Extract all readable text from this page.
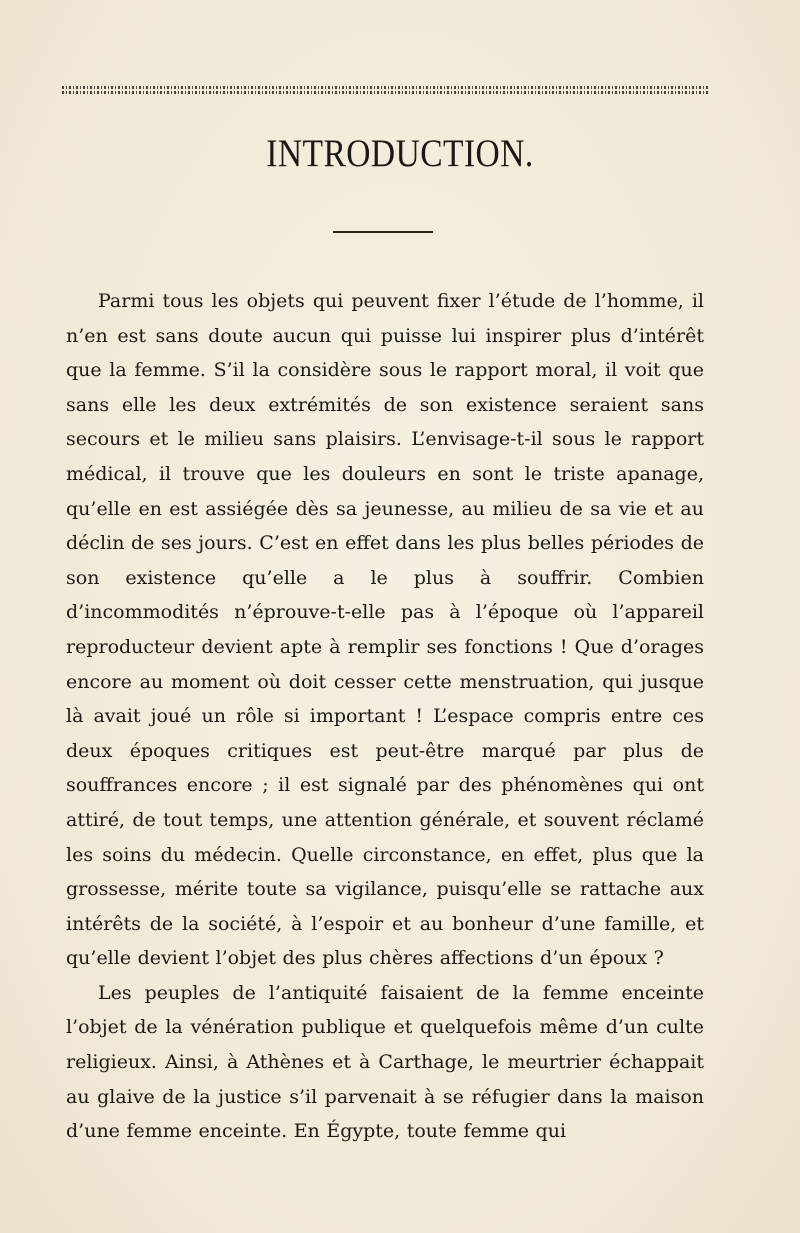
INTRODUCTION.

Parmi tous les objets qui peuvent fixer l’étude de l’homme, il n’en est sans doute aucun qui puisse lui inspirer plus d’intérêt que la femme. S’il la considère sous le rapport moral, il voit que sans elle les deux extrémités de son existence seraient sans secours et le milieu sans plaisirs. L’envisage-t-il sous le rapport médical, il trouve que les douleurs en sont le triste apanage, qu’elle en est assiégée dès sa jeunesse, au milieu de sa vie et au déclin de ses jours. C’est en effet dans les plus belles périodes de son existence qu’elle a le plus à souffrir. Combien d’incommodités n’éprouve-t-elle pas à l’époque où l’appareil reproducteur devient apte à remplir ses fonctions ! Que d’orages encore au moment où doit cesser cette menstruation, qui jusque là avait joué un rôle si important ! L’espace compris entre ces deux époques critiques est peut-être marqué par plus de souffrances encore ; il est signalé par des phénomènes qui ont attiré, de tout temps, une attention générale, et souvent réclamé les soins du médecin. Quelle circonstance, en effet, plus que la grossesse, mérite toute sa vigilance, puisqu’elle se rattache aux intérêts de la société, à l’espoir et au bonheur d’une famille, et qu’elle devient l’objet des plus chères affections d’un époux ?

Les peuples de l’antiquité faisaient de la femme enceinte l’objet de la vénération publique et quelquefois même d’un culte religieux. Ainsi, à Athènes et à Carthage, le meurtrier échappait au glaive de la justice s’il parvenait à se réfugier dans la maison d’une femme enceinte. En Égypte, toute femme qui
